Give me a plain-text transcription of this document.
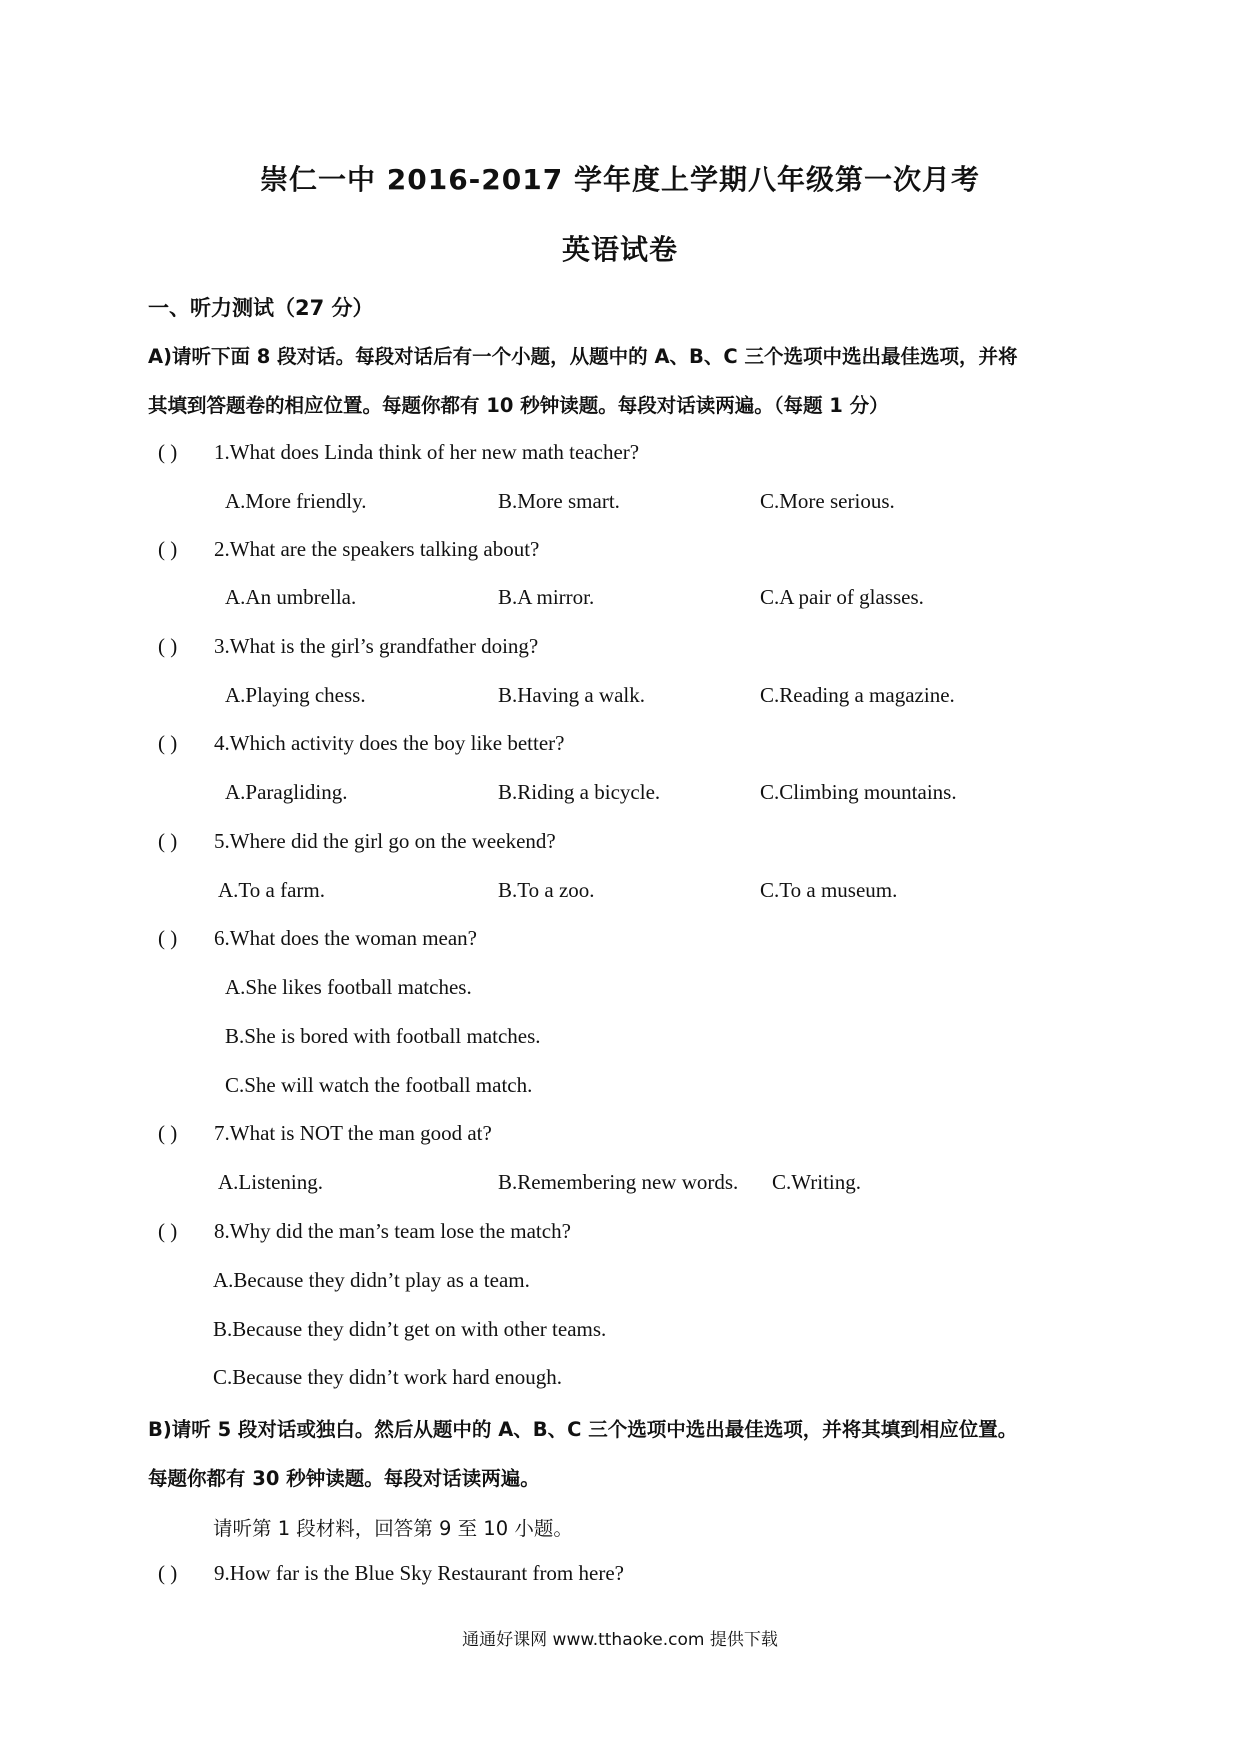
崇仁一中 2016-2017 学年度上学期八年级第一次月考
英语试卷
一、听力测试（27 分）
A)请听下面 8 段对话。每段对话后有一个小题，从题中的 A、B、C 三个选项中选出最佳选项，并将
其填到答题卷的相应位置。每题你都有 10 秒钟读题。每段对话读两遍。（每题 1 分）
( ) 1.What does Linda think of her new math teacher?
A.More friendly.	B.More smart.	C.More serious.
( ) 2.What are the speakers talking about?
A.An umbrella.	B.A mirror.	C.A pair of glasses.
( ) 3.What is the girl’s grandfather doing?
A.Playing chess.	B.Having a walk.	C.Reading a magazine.
( ) 4.Which activity does the boy like better?
A.Paragliding.	B.Riding a bicycle.	C.Climbing mountains.
( ) 5.Where did the girl go on the weekend?
A.To a farm.	B.To a zoo.	C.To a museum.
( ) 6.What does the woman mean?
A.She likes football matches.
B.She is bored with football matches.
C.She will watch the football match.
( ) 7.What is NOT the man good at?
A.Listening.	B.Remembering new words. C.Writing.
( ) 8.Why did the man’s team lose the match?
A.Because they didn’t play as a team.
B.Because they didn’t get on with other teams.
C.Because they didn’t work hard enough.
B)请听 5 段对话或独白。然后从题中的 A、B、C 三个选项中选出最佳选项，并将其填到相应位置。
每题你都有 30 秒钟读题。每段对话读两遍。
请听第 1 段材料，回答第 9 至 10 小题。
( ) 9.How far is the Blue Sky Restaurant from here?
通通好课网 www.tthaoke.com 提供下载
